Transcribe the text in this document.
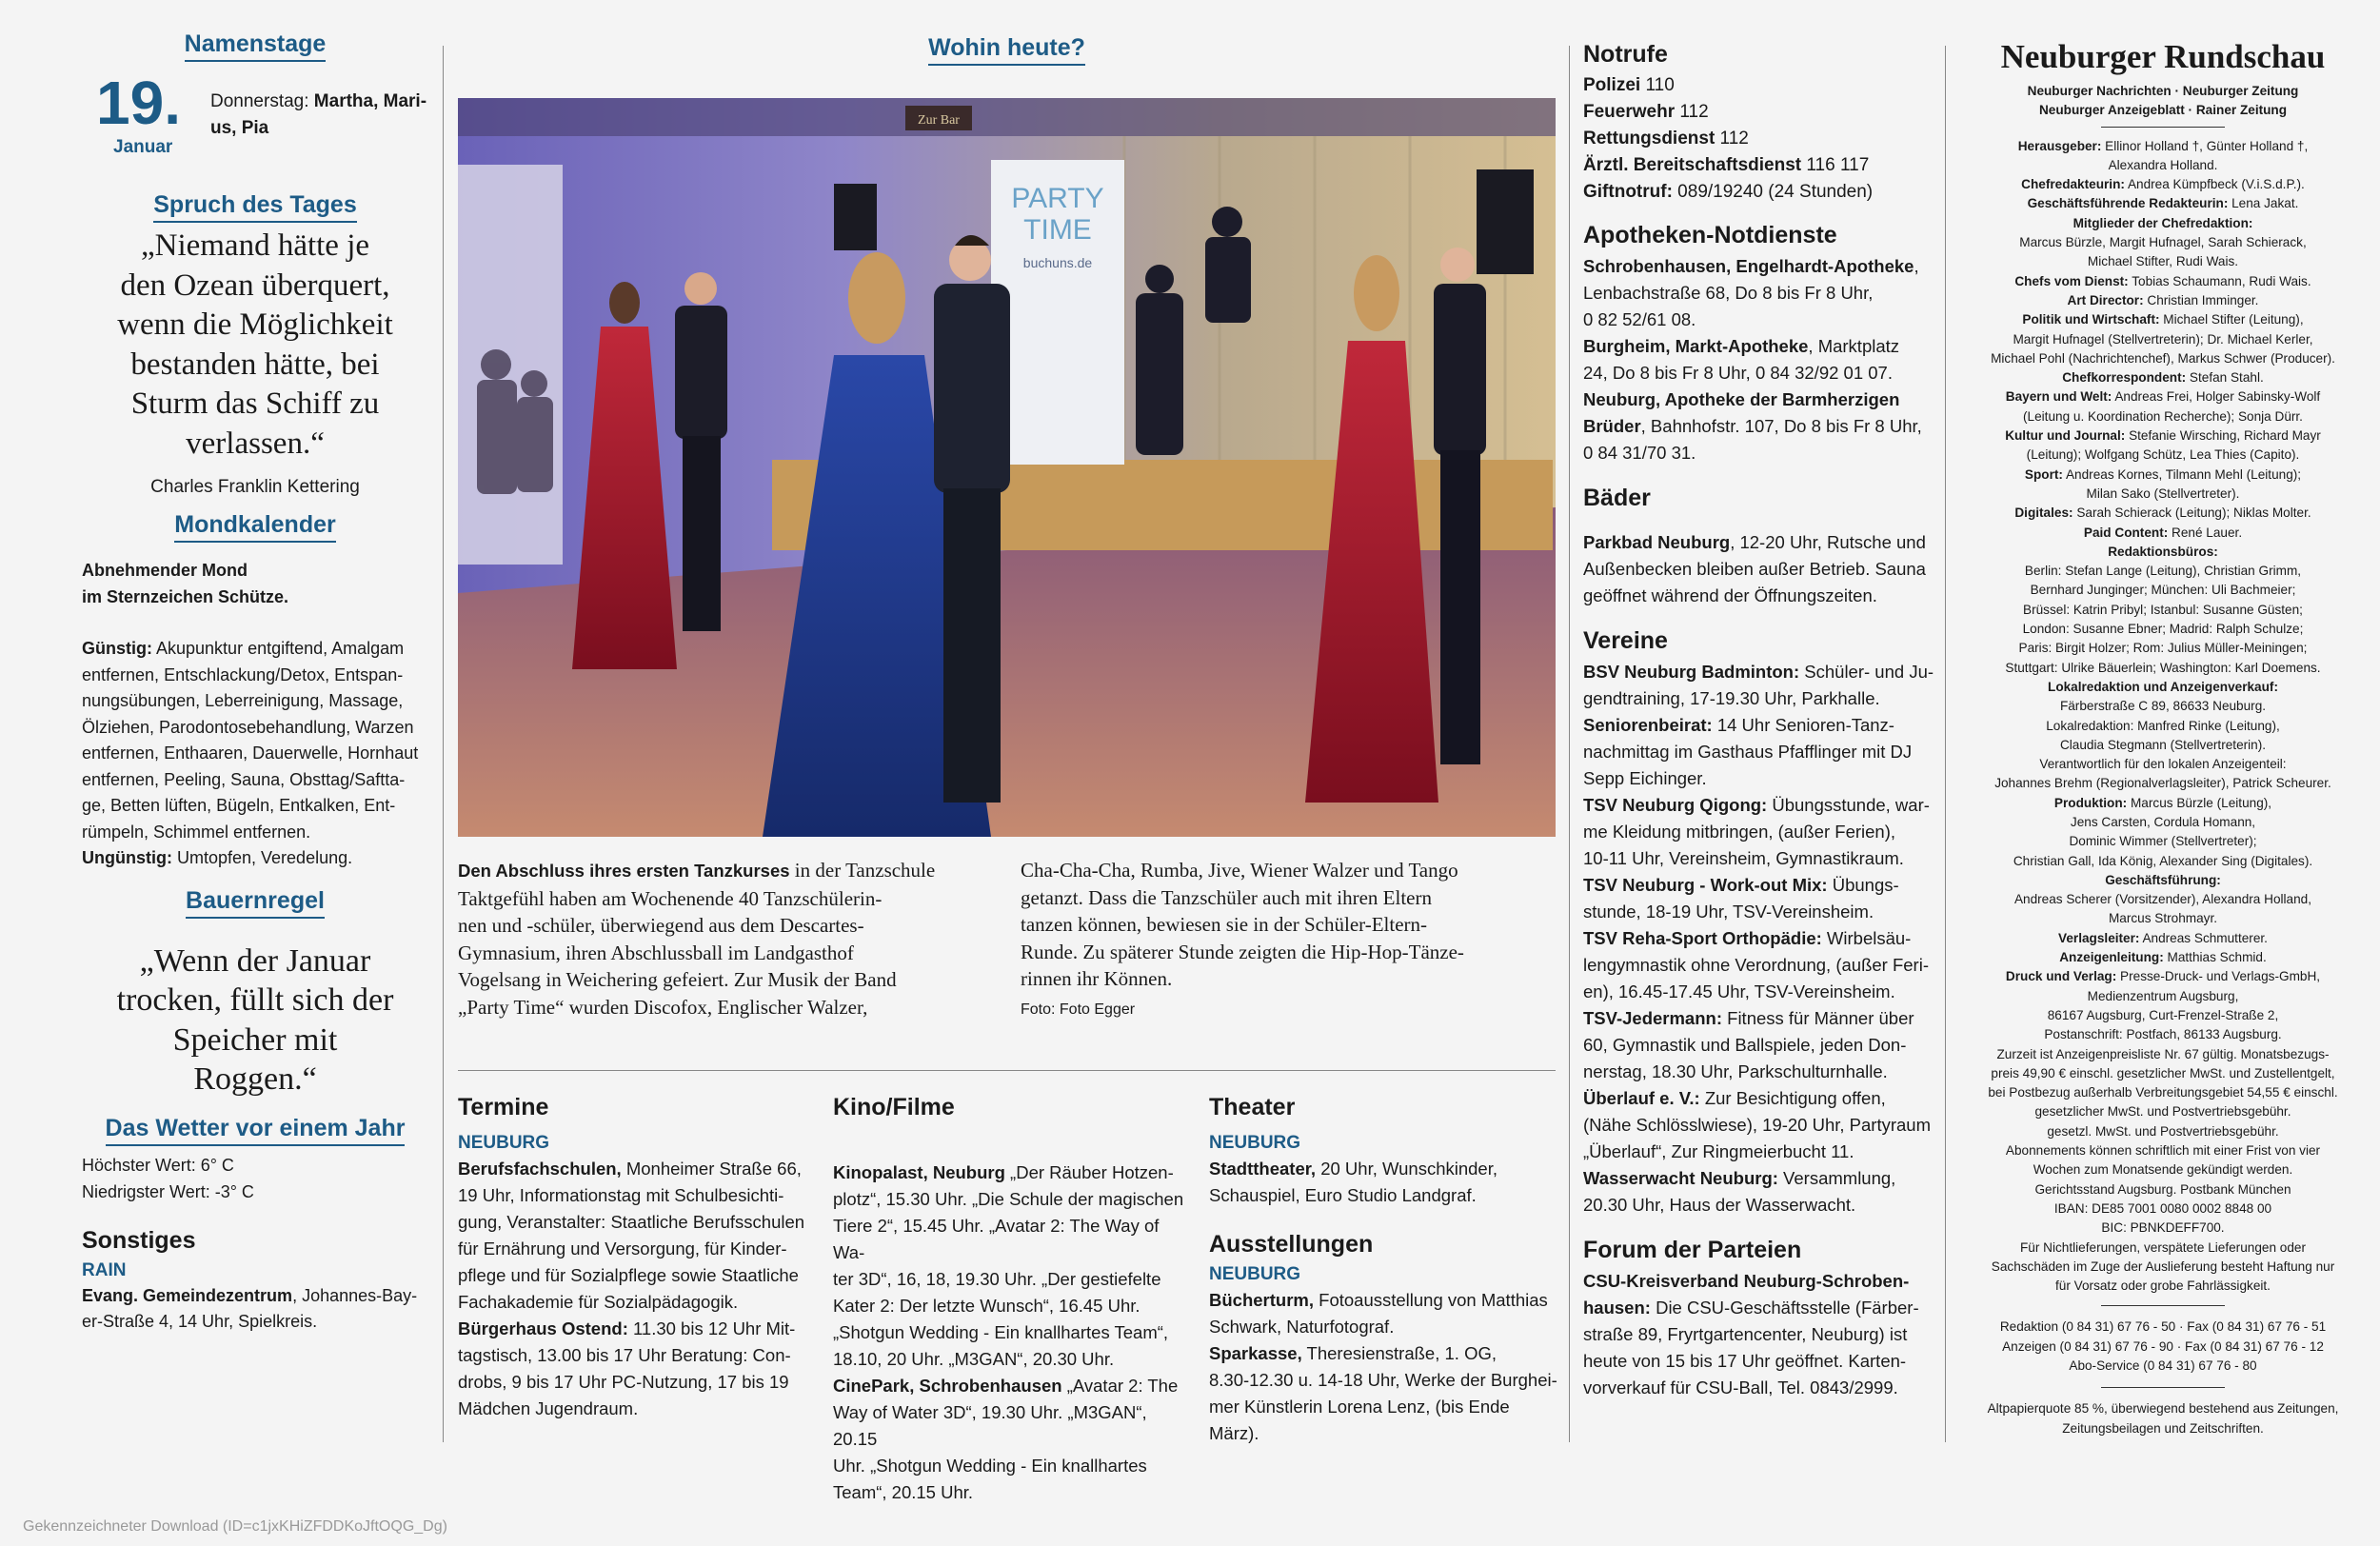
Namenstage
19.
Januar
Donnerstag: Martha, Mari-
us, Pia
Spruch des Tages
„Niemand hätte je
den Ozean überquert,
wenn die Möglichkeit
bestanden hätte, bei
Sturm das Schiff zu
verlassen.“
Charles Franklin Kettering
Mondkalender
Abnehmender Mond
im Sternzeichen Schütze.
Günstig: Akupunktur entgiftend, Amalgam
entfernen, Entschlackung/Detox, Entspan-
nungsübungen, Leberreinigung, Massage,
Ölziehen, Parodontosebehandlung, Warzen
entfernen, Enthaaren, Dauerwelle, Hornhaut
entfernen, Peeling, Sauna, Obsttag/Saftta-
ge, Betten lüften, Bügeln, Entkalken, Ent-
rümpeln, Schimmel entfernen.
Ungünstig: Umtopfen, Veredelung.
Bauernregel
„Wenn der Januar
trocken, füllt sich der
Speicher mit
Roggen.“
Das Wetter vor einem Jahr
Höchster Wert: 6° C
Niedrigster Wert: -3° C
Sonstiges
RAIN
Evang. Gemeindezentrum, Johannes-Bay-
er-Straße 4, 14 Uhr, Spielkreis.
Wohin heute?
PARTY
TIME
buchuns.de
Zur Bar
Den Abschluss ihres ersten Tanzkurses in der Tanzschule
Taktgefühl haben am Wochenende 40 Tanzschülerin-
nen und -schüler, überwiegend aus dem Descartes-
Gymnasium, ihren Abschlussball im Landgasthof
Vogelsang in Weichering gefeiert. Zur Musik der Band
„Party Time“ wurden Discofox, Englischer Walzer,
Cha-Cha-Cha, Rumba, Jive, Wiener Walzer und Tango
getanzt. Dass die Tanzschüler auch mit ihren Eltern
tanzen können, bewiesen sie in der Schüler-Eltern-
Runde. Zu späterer Stunde zeigten die Hip-Hop-Tänze-
rinnen ihr Können.
Foto: Foto Egger
Termine
NEUBURG
Berufsfachschulen, Monheimer Straße 66,
19 Uhr, Informationstag mit Schulbesichti-
gung, Veranstalter: Staatliche Berufsschulen
für Ernährung und Versorgung, für Kinder-
pflege und für Sozialpflege sowie Staatliche
Fachakademie für Sozialpädagogik.
Bürgerhaus Ostend: 11.30 bis 12 Uhr Mit-
tagstisch, 13.00 bis 17 Uhr Beratung: Con-
drobs, 9 bis 17 Uhr PC-Nutzung, 17 bis 19
Mädchen Jugendraum.
Kino/Filme
Kinopalast, Neuburg „Der Räuber Hotzen-
plotz“, 15.30 Uhr. „Die Schule der magischen
Tiere 2“, 15.45 Uhr. „Avatar 2: The Way of Wa-
ter 3D“, 16, 18, 19.30 Uhr. „Der gestiefelte
Kater 2: Der letzte Wunsch“, 16.45 Uhr.
„Shotgun Wedding - Ein knallhartes Team“,
18.10, 20 Uhr. „M3GAN“, 20.30 Uhr.
CinePark, Schrobenhausen „Avatar 2: The
Way of Water 3D“, 19.30 Uhr. „M3GAN“, 20.15
Uhr. „Shotgun Wedding - Ein knallhartes
Team“, 20.15 Uhr.
Theater
NEUBURG
Stadttheater, 20 Uhr, Wunschkinder,
Schauspiel, Euro Studio Landgraf.
Ausstellungen
NEUBURG
Bücherturm, Fotoausstellung von Matthias
Schwark, Naturfotograf.
Sparkasse, Theresienstraße, 1. OG,
8.30-12.30 u. 14-18 Uhr, Werke der Burghei-
mer Künstlerin Lorena Lenz, (bis Ende März).
Notrufe
Polizei 110
Feuerwehr 112
Rettungsdienst 112
Ärztl. Bereitschaftsdienst 116 117
Giftnotruf: 089/19240 (24 Stunden)
Apotheken-Notdienste
Schrobenhausen, Engelhardt-Apotheke,
Lenbachstraße 68, Do 8 bis Fr 8 Uhr,
0 82 52/61 08.
Burgheim, Markt-Apotheke, Marktplatz
24, Do 8 bis Fr 8 Uhr, 0 84 32/92 01 07.
Neuburg, Apotheke der Barmherzigen
Brüder, Bahnhofstr. 107, Do 8 bis Fr 8 Uhr,
0 84 31/70 31.
Bäder
Parkbad Neuburg, 12-20 Uhr, Rutsche und
Außenbecken bleiben außer Betrieb. Sauna
geöffnet während der Öffnungszeiten.
Vereine
BSV Neuburg Badminton: Schüler- und Ju-
gendtraining, 17-19.30 Uhr, Parkhalle.
Seniorenbeirat: 14 Uhr Senioren-Tanz-
nachmittag im Gasthaus Pfafflinger mit DJ
Sepp Eichinger.
TSV Neuburg Qigong: Übungsstunde, war-
me Kleidung mitbringen, (außer Ferien),
10-11 Uhr, Vereinsheim, Gymnastikraum.
TSV Neuburg - Work-out Mix: Übungs-
stunde, 18-19 Uhr, TSV-Vereinsheim.
TSV Reha-Sport Orthopädie: Wirbelsäu-
lengymnastik ohne Verordnung, (außer Feri-
en), 16.45-17.45 Uhr, TSV-Vereinsheim.
TSV-Jedermann: Fitness für Männer über
60, Gymnastik und Ballspiele, jeden Don-
nerstag, 18.30 Uhr, Parkschulturnhalle.
Überlauf e. V.: Zur Besichtigung offen,
(Nähe Schlösslwiese), 19-20 Uhr, Partyraum
„Überlauf“, Zur Ringmeierbucht 11.
Wasserwacht Neuburg: Versammlung,
20.30 Uhr, Haus der Wasserwacht.
Forum der Parteien
CSU-Kreisverband Neuburg-Schroben-
hausen: Die CSU-Geschäftsstelle (Färber-
straße 89, Fryrtgartencenter, Neuburg) ist
heute von 15 bis 17 Uhr geöffnet. Karten-
vorverkauf für CSU-Ball, Tel. 0843/2999.
Neuburger Rundschau
Neuburger Nachrichten · Neuburger Zeitung
Neuburger Anzeigeblatt · Rainer Zeitung
Herausgeber: Ellinor Holland †, Günter Holland †,
Alexandra Holland.
Chefredakteurin: Andrea Kümpfbeck (V.i.S.d.P.).
Geschäftsführende Redakteurin: Lena Jakat.
Mitglieder der Chefredaktion:
Marcus Bürzle, Margit Hufnagel, Sarah Schierack,
Michael Stifter, Rudi Wais.
Chefs vom Dienst: Tobias Schaumann, Rudi Wais.
Art Director: Christian Imminger.
Politik und Wirtschaft: Michael Stifter (Leitung),
Margit Hufnagel (Stellvertreterin); Dr. Michael Kerler,
Michael Pohl (Nachrichtenchef), Markus Schwer (Producer).
Chefkorrespondent: Stefan Stahl.
Bayern und Welt: Andreas Frei, Holger Sabinsky-Wolf
(Leitung u. Koordination Recherche); Sonja Dürr.
Kultur und Journal: Stefanie Wirsching, Richard Mayr
(Leitung); Wolfgang Schütz, Lea Thies (Capito).
Sport: Andreas Kornes, Tilmann Mehl (Leitung);
Milan Sako (Stellvertreter).
Digitales: Sarah Schierack (Leitung); Niklas Molter.
Paid Content: René Lauer.
Redaktionsbüros:
Berlin: Stefan Lange (Leitung), Christian Grimm,
Bernhard Junginger; München: Uli Bachmeier;
Brüssel: Katrin Pribyl; Istanbul: Susanne Güsten;
London: Susanne Ebner; Madrid: Ralph Schulze;
Paris: Birgit Holzer; Rom: Julius Müller-Meiningen;
Stuttgart: Ulrike Bäuerlein; Washington: Karl Doemens.
Lokalredaktion und Anzeigenverkauf:
Färberstraße C 89, 86633 Neuburg.
Lokalredaktion: Manfred Rinke (Leitung),
Claudia Stegmann (Stellvertreterin).
Verantwortlich für den lokalen Anzeigenteil:
Johannes Brehm (Regionalverlagsleiter), Patrick Scheurer.
Produktion: Marcus Bürzle (Leitung),
Jens Carsten, Cordula Homann,
Dominic Wimmer (Stellvertreter);
Christian Gall, Ida König, Alexander Sing (Digitales).
Geschäftsführung:
Andreas Scherer (Vorsitzender), Alexandra Holland,
Marcus Strohmayr.
Verlagsleiter: Andreas Schmutterer.
Anzeigenleitung: Matthias Schmid.
Druck und Verlag: Presse-Druck- und Verlags-GmbH,
Medienzentrum Augsburg,
86167 Augsburg, Curt-Frenzel-Straße 2,
Postanschrift: Postfach, 86133 Augsburg.
Zurzeit ist Anzeigenpreisliste Nr. 67 gültig. Monatsbezugs-
preis 49,90 € einschl. gesetzlicher MwSt. und Zustellentgelt,
bei Postbezug außerhalb Verbreitungsgebiet 54,55 € einschl.
gesetzlicher MwSt. und Postvertriebsgebühr.
gesetzl. MwSt. und Postvertriebsgebühr.
Abonnements können schriftlich mit einer Frist von vier
Wochen zum Monatsende gekündigt werden.
Gerichtsstand Augsburg. Postbank München
IBAN: DE85 7001 0080 0002 8848 00
BIC: PBNKDEFF700.
Für Nichtlieferungen, verspätete Lieferungen oder
Sachschäden im Zuge der Auslieferung besteht Haftung nur
für Vorsatz oder grobe Fahrlässigkeit.
Redaktion (0 84 31) 67 76 - 50 · Fax (0 84 31) 67 76 - 51
Anzeigen (0 84 31) 67 76 - 90 · Fax (0 84 31) 67 76 - 12
Abo-Service (0 84 31) 67 76 - 80
Altpapierquote 85 %, überwiegend bestehend aus Zeitungen,
Zeitungsbeilagen und Zeitschriften.
Gekennzeichneter Download (ID=c1jxKHiZFDDKoJftOQG_Dg)
